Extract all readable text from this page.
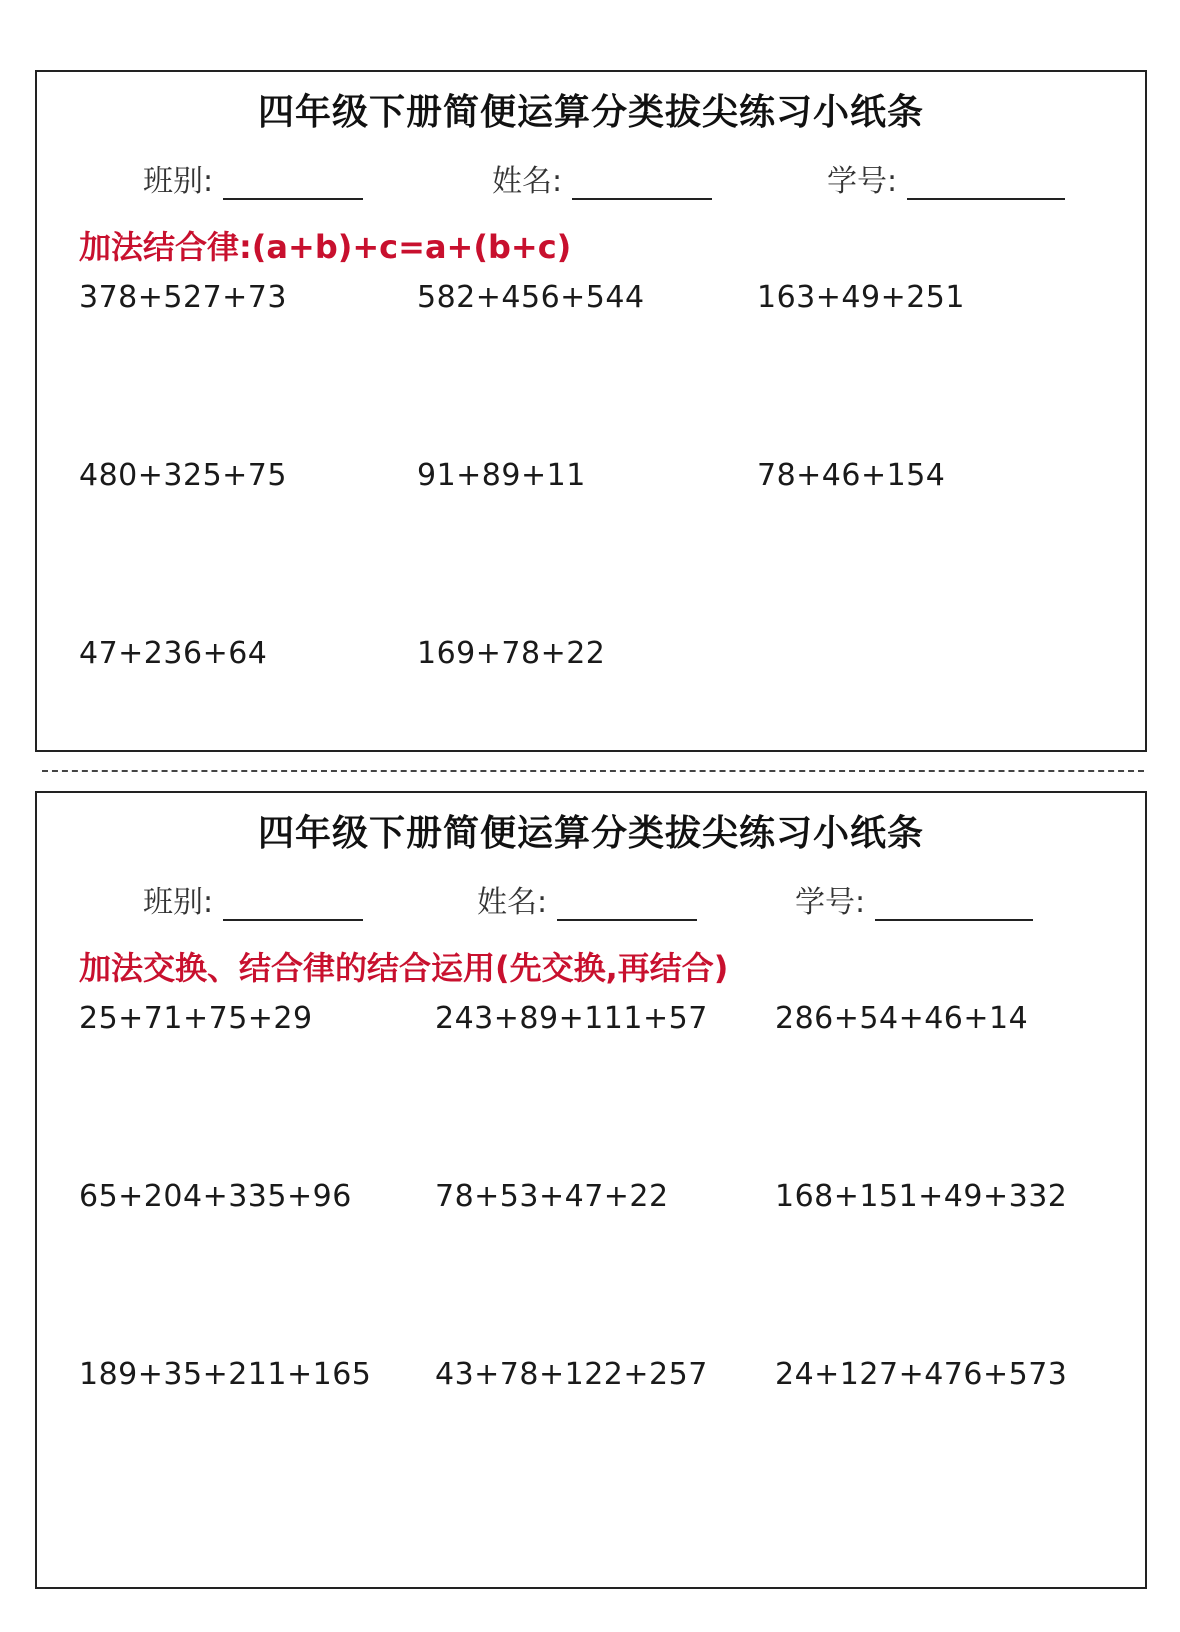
四年级下册简便运算分类拔尖练习小纸条
班别:	姓名:	学号:
加法结合律:(a+b)+c=a+(b+c)
378+527+73	582+456+544	163+49+251
480+325+75	91+89+11	78+46+154
47+236+64	169+78+22
四年级下册简便运算分类拔尖练习小纸条
班别:	姓名:	学号:
加法交换、结合律的结合运用(先交换,再结合)
25+71+75+29	243+89+111+57 286+54+46+14
65+204+335+96	78+53+47+22	168+151+49+332
189+35+211+165 43+78+122+257 24+127+476+573
